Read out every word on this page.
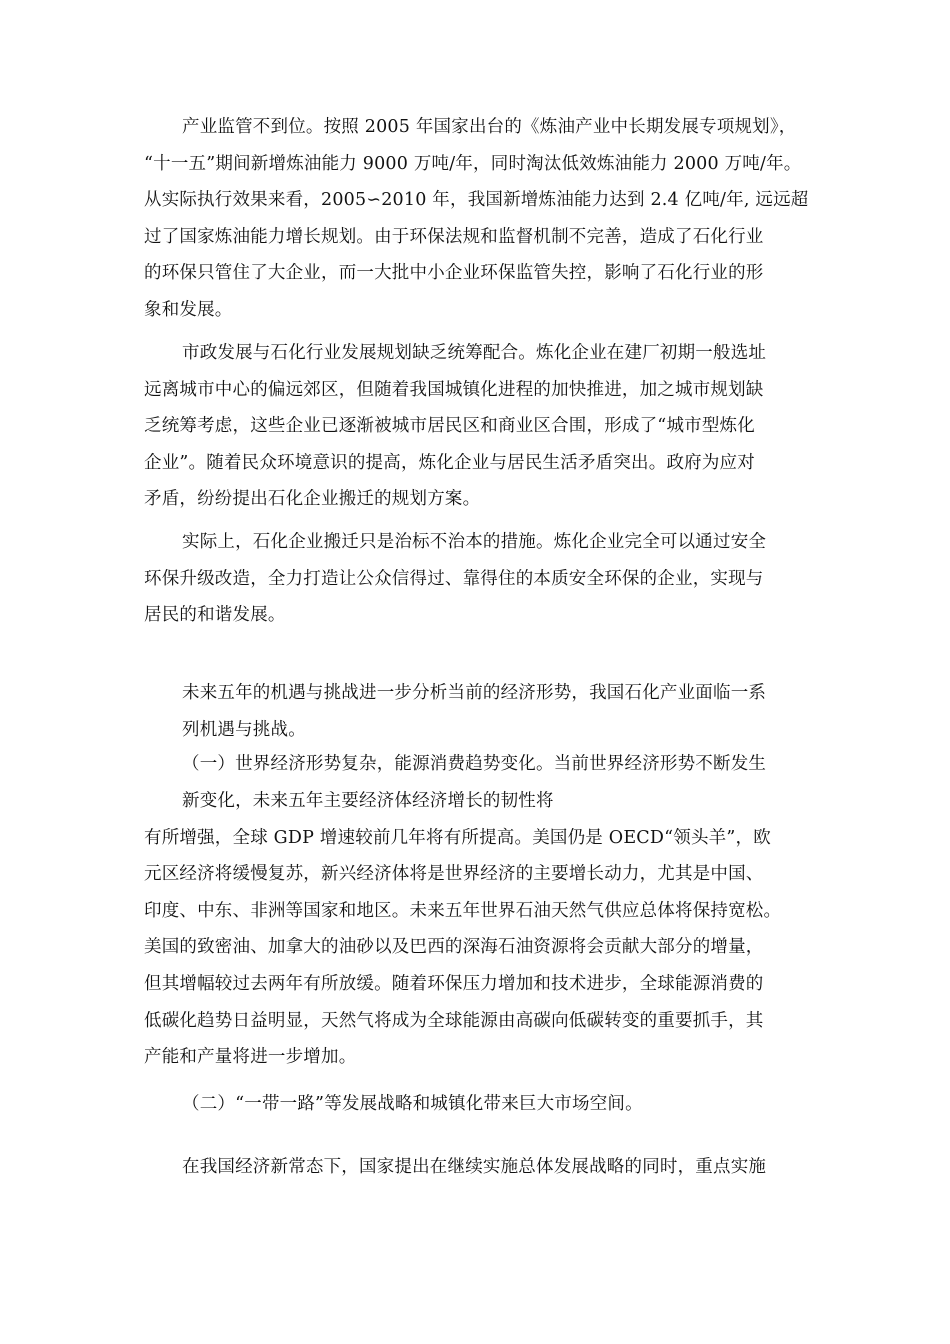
产业监管不到位。按照 2005 年国家出台的《炼油产业中长期发展专项规划》，

“十一五”期间新增炼油能力 9000 万吨/年，同时淘汰低效炼油能力 2000 万吨/年。

从实际执行效果来看，2005∽2010 年，我国新增炼油能力达到 2.4 亿吨/年, 远远超

过了国家炼油能力增长规划。由于环保法规和监督机制不完善，造成了石化行业

的环保只管住了大企业，而一大批中小企业环保监管失控，影响了石化行业的形

象和发展。

市政发展与石化行业发展规划缺乏统筹配合。炼化企业在建厂初期一般选址

远离城市中心的偏远郊区，但随着我国城镇化进程的加快推进，加之城市规划缺

乏统筹考虑，这些企业已逐渐被城市居民区和商业区合围，形成了“城市型炼化

企业”。随着民众环境意识的提高，炼化企业与居民生活矛盾突出。政府为应对

矛盾，纷纷提出石化企业搬迁的规划方案。

实际上，石化企业搬迁只是治标不治本的措施。炼化企业完全可以通过安全

环保升级改造，全力打造让公众信得过、靠得住的本质安全环保的企业，实现与

居民的和谐发展。

未来五年的机遇与挑战进一步分析当前的经济形势，我国石化产业面临一系

列机遇与挑战。

（一）世界经济形势复杂，能源消费趋势变化。当前世界经济形势不断发生

新变化，未来五年主要经济体经济增长的韧性将

有所增强，全球 GDP 增速较前几年将有所提高。美国仍是 OECD“领头羊”，欧

元区经济将缓慢复苏，新兴经济体将是世界经济的主要增长动力，尤其是中国、

印度、中东、非洲等国家和地区。未来五年世界石油天然气供应总体将保持宽松。

美国的致密油、加拿大的油砂以及巴西的深海石油资源将会贡献大部分的增量，

但其增幅较过去两年有所放缓。随着环保压力增加和技术进步，全球能源消费的

低碳化趋势日益明显，天然气将成为全球能源由高碳向低碳转变的重要抓手，其

产能和产量将进一步增加。

（二）“一带一路”等发展战略和城镇化带来巨大市场空间。

在我国经济新常态下，国家提出在继续实施总体发展战略的同时，重点实施
